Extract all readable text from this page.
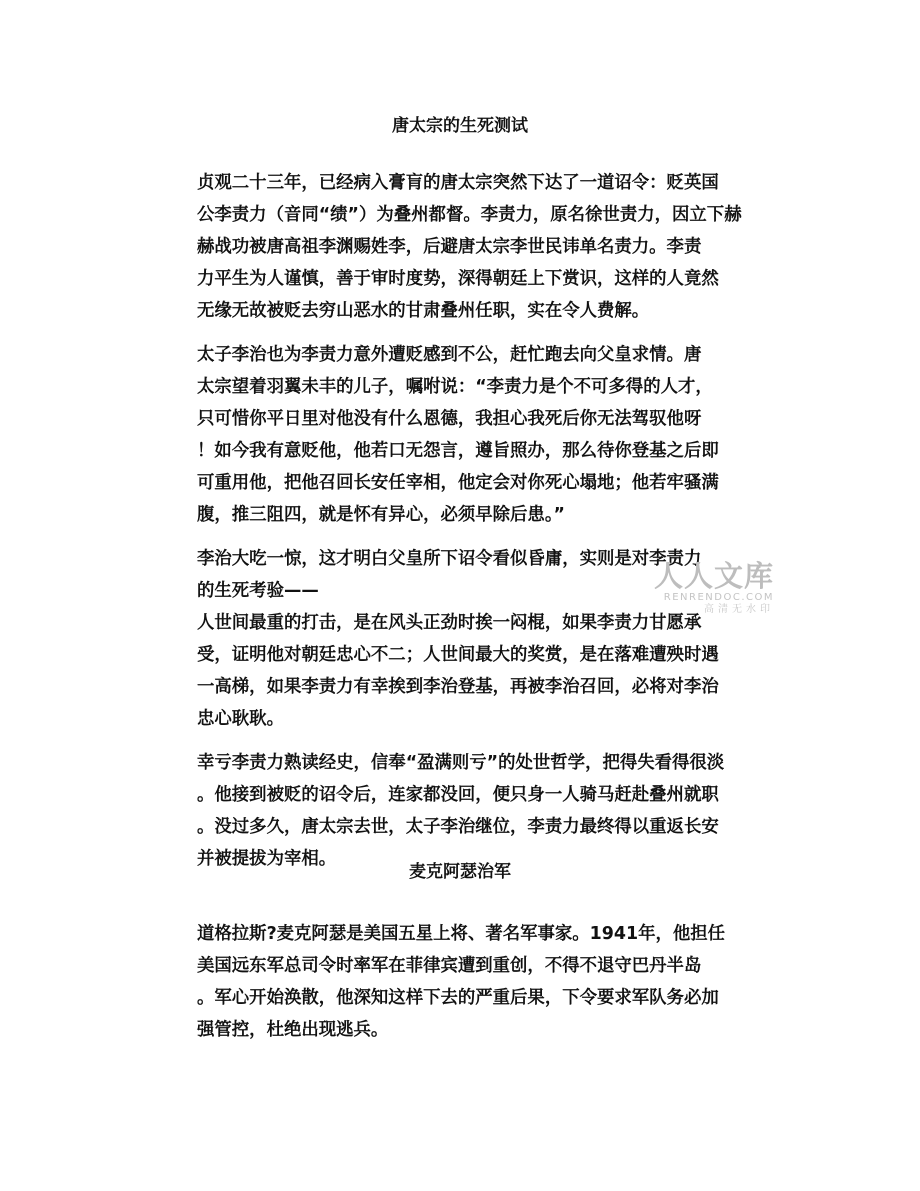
唐太宗的生死测试
贞观二十三年，已经病入膏肓的唐太宗突然下达了一道诏令：贬英国
公李责力（音同“绩”）为叠州都督。李责力，原名徐世责力，因立下赫
赫战功被唐高祖李渊赐姓李，后避唐太宗李世民讳单名责力。李责
力平生为人谨慎，善于审时度势，深得朝廷上下赏识，这样的人竟然
无缘无故被贬去穷山恶水的甘肃叠州任职，实在令人费解。
太子李治也为李责力意外遭贬感到不公，赶忙跑去向父皇求情。唐
太宗望着羽翼未丰的儿子，嘱咐说：“李责力是个不可多得的人才，
只可惜你平日里对他没有什么恩德，我担心我死后你无法驾驭他呀
！如今我有意贬他，他若口无怨言，遵旨照办，那么待你登基之后即
可重用他，把他召回长安任宰相，他定会对你死心塌地；他若牢骚满
腹，推三阻四，就是怀有异心，必须早除后患。”
李治大吃一惊，这才明白父皇所下诏令看似昏庸，实则是对李责力
的生死考验——
人世间最重的打击，是在风头正劲时挨一闷棍，如果李责力甘愿承
受，证明他对朝廷忠心不二；人世间最大的奖赏，是在落难遭殃时遇
一高梯，如果李责力有幸挨到李治登基，再被李治召回，必将对李治
忠心耿耿。
幸亏李责力熟读经史，信奉“盈满则亏”的处世哲学，把得失看得很淡
。他接到被贬的诏令后，连家都没回，便只身一人骑马赶赴叠州就职
。没过多久，唐太宗去世，太子李治继位，李责力最终得以重返长安
并被提拔为宰相。
麦克阿瑟治军
道格拉斯?麦克阿瑟是美国五星上将、著名军事家。1941年，他担任
美国远东军总司令时率军在菲律宾遭到重创，不得不退守巴丹半岛
。军心开始涣散，他深知这样下去的严重后果，下令要求军队务必加
强管控，杜绝出现逃兵。
人人文库
RENRENDOC.COM
高清无水印
